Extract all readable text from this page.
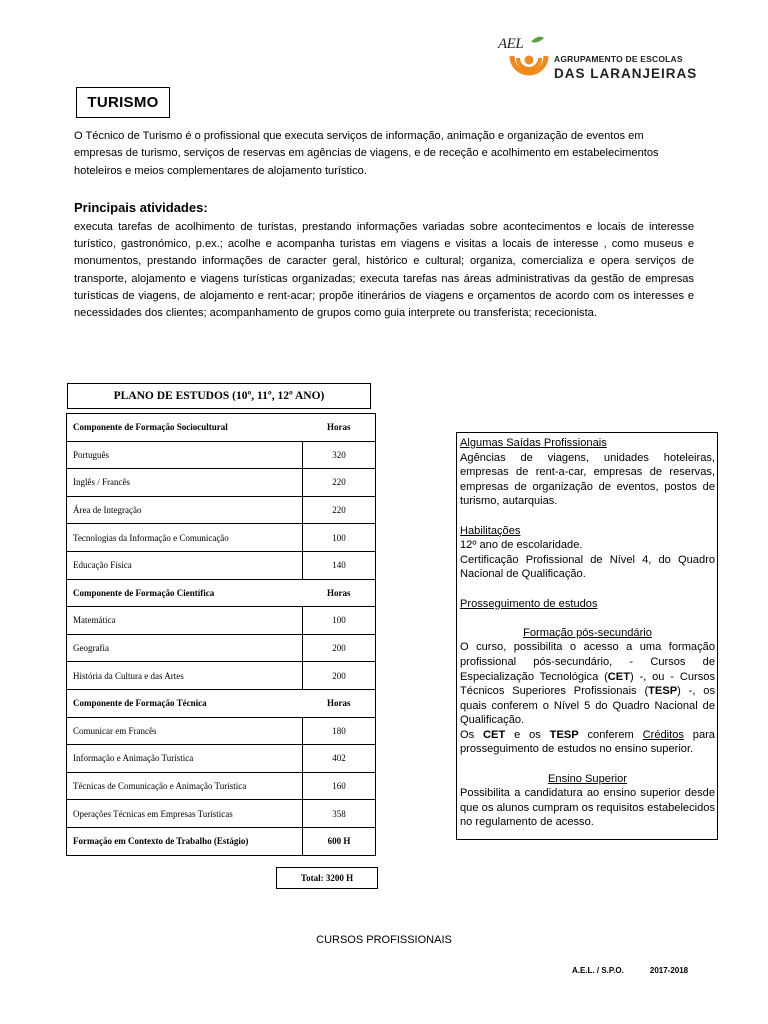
AEL
AGRUPAMENTO DE ESCOLAS
DAS LARANJEIRAS
TURISMO
O Técnico de Turismo é o profissional que executa serviços de informação, animação e organização de eventos em empresas de turismo, serviços de reservas em agências de viagens, e de receção e acolhimento em estabelecimentos hoteleiros e meios complementares de alojamento turístico.
Principais atividades:
executa tarefas de acolhimento de turistas, prestando informações variadas sobre acontecimentos e locais de interesse turístico, gastronómico, p.ex.; acolhe e acompanha turistas em viagens e visitas a locais de interesse , como museus e monumentos, prestando informações de caracter geral, histórico e cultural; organiza, comercializa e opera serviços de transporte, alojamento e viagens turísticas organizadas; executa tarefas nas áreas administrativas da gestão de empresas turísticas de viagens, de alojamento e rent-acar; propõe itinerários de viagens e orçamentos de acordo com os interesses e necessidades dos clientes; acompanhamento de grupos como guia interprete ou transferista; rececionista.
PLANO DE ESTUDOS (10º, 11º, 12º ANO)
Componente de Formação Sociocultural	Horas
Português	320
Inglês / Francês	220
Área de Integração	220
Tecnologias da Informação e Comunicação	100
Educação Física	140
Componente de Formação Científica	Horas
Matemática	100
Geografia	200
História da Cultura e das Artes	200
Componente de Formação Técnica	Horas
Comunicar em Francês	180
Informação e Animação Turística	402
Técnicas de Comunicação e Animação Turística	160
Operações Técnicas em Empresas Turísticas	358
Formação em Contexto de Trabalho (Estágio)	600 H
Total: 3200 H

Algumas Saídas Profissionais

Agências de viagens, unidades hoteleiras, empresas de rent-a-car, empresas de reservas, empresas de organização de eventos, postos de turismo, autarquias.

Habilitações

12º ano de escolaridade.

Certificação Profissional de Nível 4, do Quadro Nacional de Qualificação.

Prosseguimento de estudos

Formação pós-secundário

O curso, possibilita o acesso a uma formação profissional pós-secundário, - Cursos de Especialização Tecnológica (CET) -, ou - Cursos Técnicos Superiores Profissionais (TESP) -, os quais conferem o Nível 5 do Quadro Nacional de Qualificação.

Os CET e os TESP conferem Créditos para prosseguimento de estudos no ensino superior.

Ensino Superior

Possibilita a candidatura ao ensino superior desde que os alunos cumpram os requisitos estabelecidos no regulamento de acesso.

CURSOS PROFISSIONAIS
A.E.L. / S.P.O.	2017-2018
